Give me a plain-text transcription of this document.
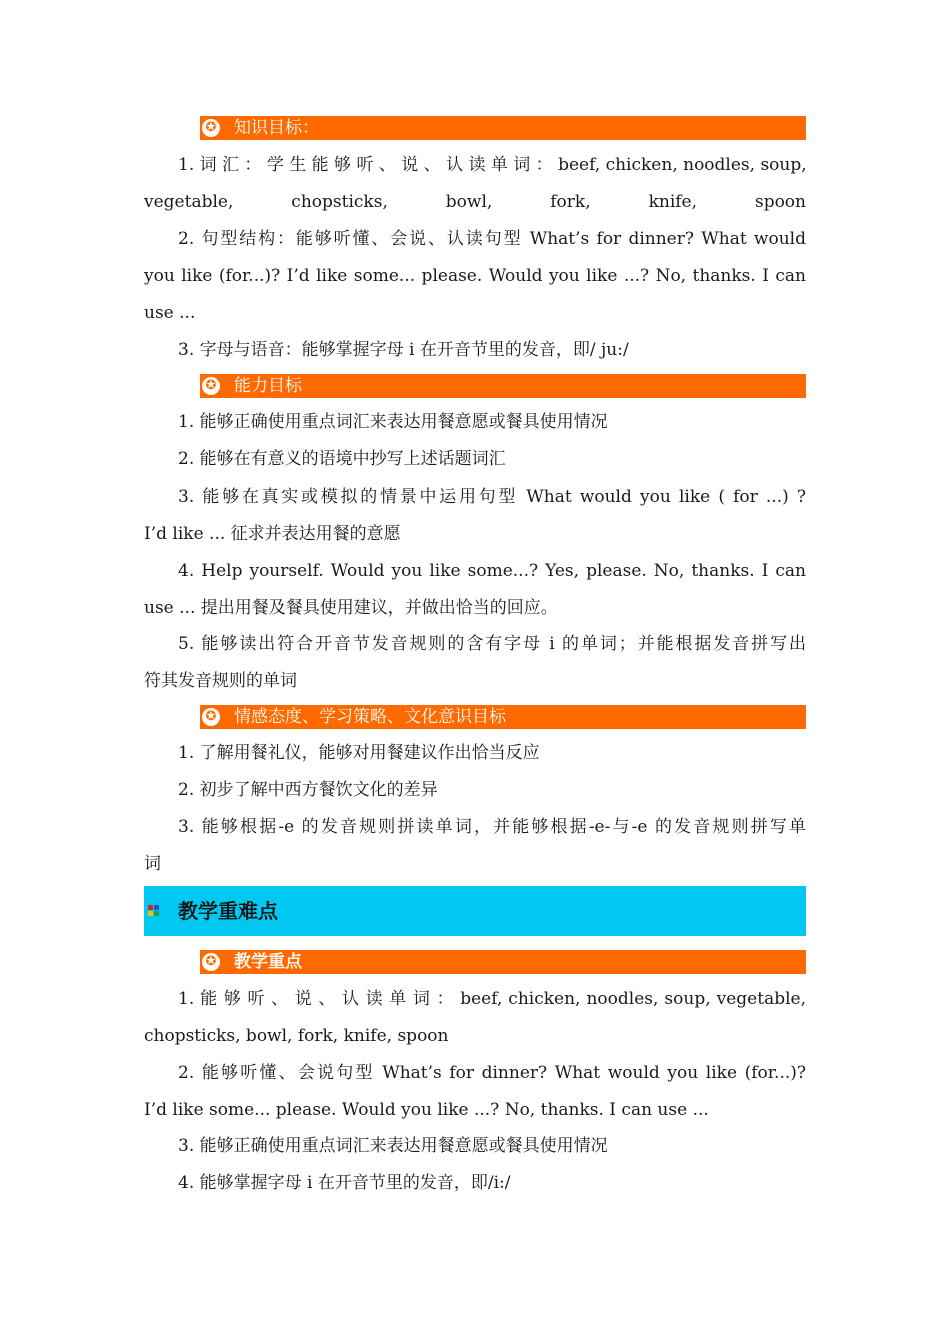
✪ 知识目标：
1. 词 汇 ： 学 生 能 够 听 、 说 、 认 读 单 词 ： beef, chicken, noodles, soup,
vegetable, chopsticks, bowl, fork, knife, spoon
2. 句型结构：能够听懂、会说、认读句型 What’s for dinner? What would
you like (for...)? I’d like some... please. Would you like ...? No, thanks. I can
use ...
3. 字母与语音：能够掌握字母 i 在开音节里的发音，即/ ju:/
✪ 能力目标
1. 能够正确使用重点词汇来表达用餐意愿或餐具使用情况
2. 能够在有意义的语境中抄写上述话题词汇
3. 能够在真实或模拟的情景中运用句型 What would you like ( for ...) ?
I’d like ... 征求并表达用餐的意愿
4. Help yourself. Would you like some...? Yes, please. No, thanks. I can
use ... 提出用餐及餐具使用建议，并做出恰当的回应。
5. 能够读出符合开音节发音规则的含有字母 i 的单词；并能根据发音拼写出
符其发音规则的单词
✪ 情感态度、学习策略、文化意识目标
1. 了解用餐礼仪，能够对用餐建议作出恰当反应
2. 初步了解中西方餐饮文化的差异
3. 能够根据-e 的发音规则拼读单词，并能够根据-e-与-e 的发音规则拼写单
词
教学重难点
✪ 教学重点
1. 能 够 听 、 说 、 认 读 单 词 ： beef, chicken, noodles, soup, vegetable,
chopsticks, bowl, fork, knife, spoon
2. 能够听懂、会说句型 What’s for dinner? What would you like (for...)?
I’d like some... please. Would you like ...? No, thanks. I can use ...
3. 能够正确使用重点词汇来表达用餐意愿或餐具使用情况
4. 能够掌握字母 i 在开音节里的发音，即/i:/
